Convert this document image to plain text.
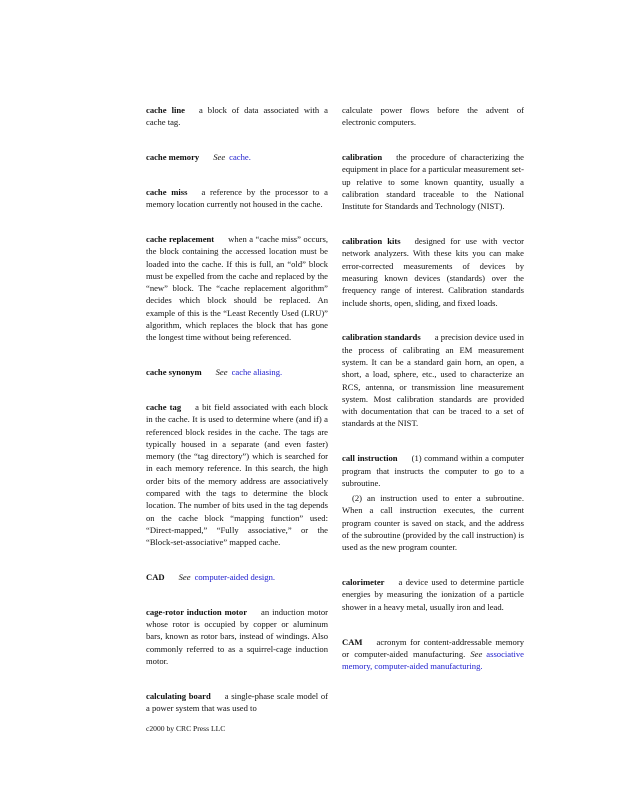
cache line a block of data associated with a cache tag.

cache memory See cache.

cache miss a reference by the processor to a memory location currently not housed in the cache.

cache replacement when a “cache miss” occurs, the block containing the accessed location must be loaded into the cache. If this is full, an “old” block must be expelled from the cache and replaced by the “new” block. The “cache replacement algorithm” decides which block should be replaced. An example of this is the “Least Recently Used (LRU)” algorithm, which replaces the block that has gone the longest time without being referenced.

cache synonym See cache aliasing.

cache tag a bit field associated with each block in the cache. It is used to determine where (and if) a referenced block resides in the cache. The tags are typically housed in a separate (and even faster) memory (the “tag directory”) which is searched for in each memory reference. In this search, the high order bits of the memory address are associatively compared with the tags to determine the block location. The number of bits used in the tag depends on the cache block “mapping function” used: “Direct-mapped,” “Fully associative,” or the “Block-set-associative” mapped cache.

CAD See computer-aided design.

cage-rotor induction motor an induction motor whose rotor is occupied by copper or aluminum bars, known as rotor bars, instead of windings. Also commonly referred to as a squirrel-cage induction motor.

calculating board a single-phase scale model of a power system that was used to

calculate power flows before the advent of electronic computers.

calibration the procedure of characterizing the equipment in place for a particular measurement set-up relative to some known quantity, usually a calibration standard traceable to the National Institute for Standards and Technology (NIST).

calibration kits designed for use with vector network analyzers. With these kits you can make error-corrected measurements of devices by measuring known devices (standards) over the frequency range of interest. Calibration standards include shorts, open, sliding, and fixed loads.

calibration standards a precision device used in the process of calibrating an EM measurement system. It can be a standard gain horn, an open, a short, a load, sphere, etc., used to characterize an RCS, antenna, or transmission line measurement system. Most calibration standards are provided with documentation that can be traced to a set of standards at the NIST.

call instruction (1) command within a computer program that instructs the computer to go to a subroutine.

(2) an instruction used to enter a subroutine. When a call instruction executes, the current program counter is saved on stack, and the address of the subroutine (provided by the call instruction) is used as the new program counter.

calorimeter a device used to determine particle energies by measuring the ionization of a particle shower in a heavy metal, usually iron and lead.

CAM acronym for content-addressable memory or computer-aided manufacturing. See associative memory, computer-aided manufacturing.

c2000 by CRC Press LLC
